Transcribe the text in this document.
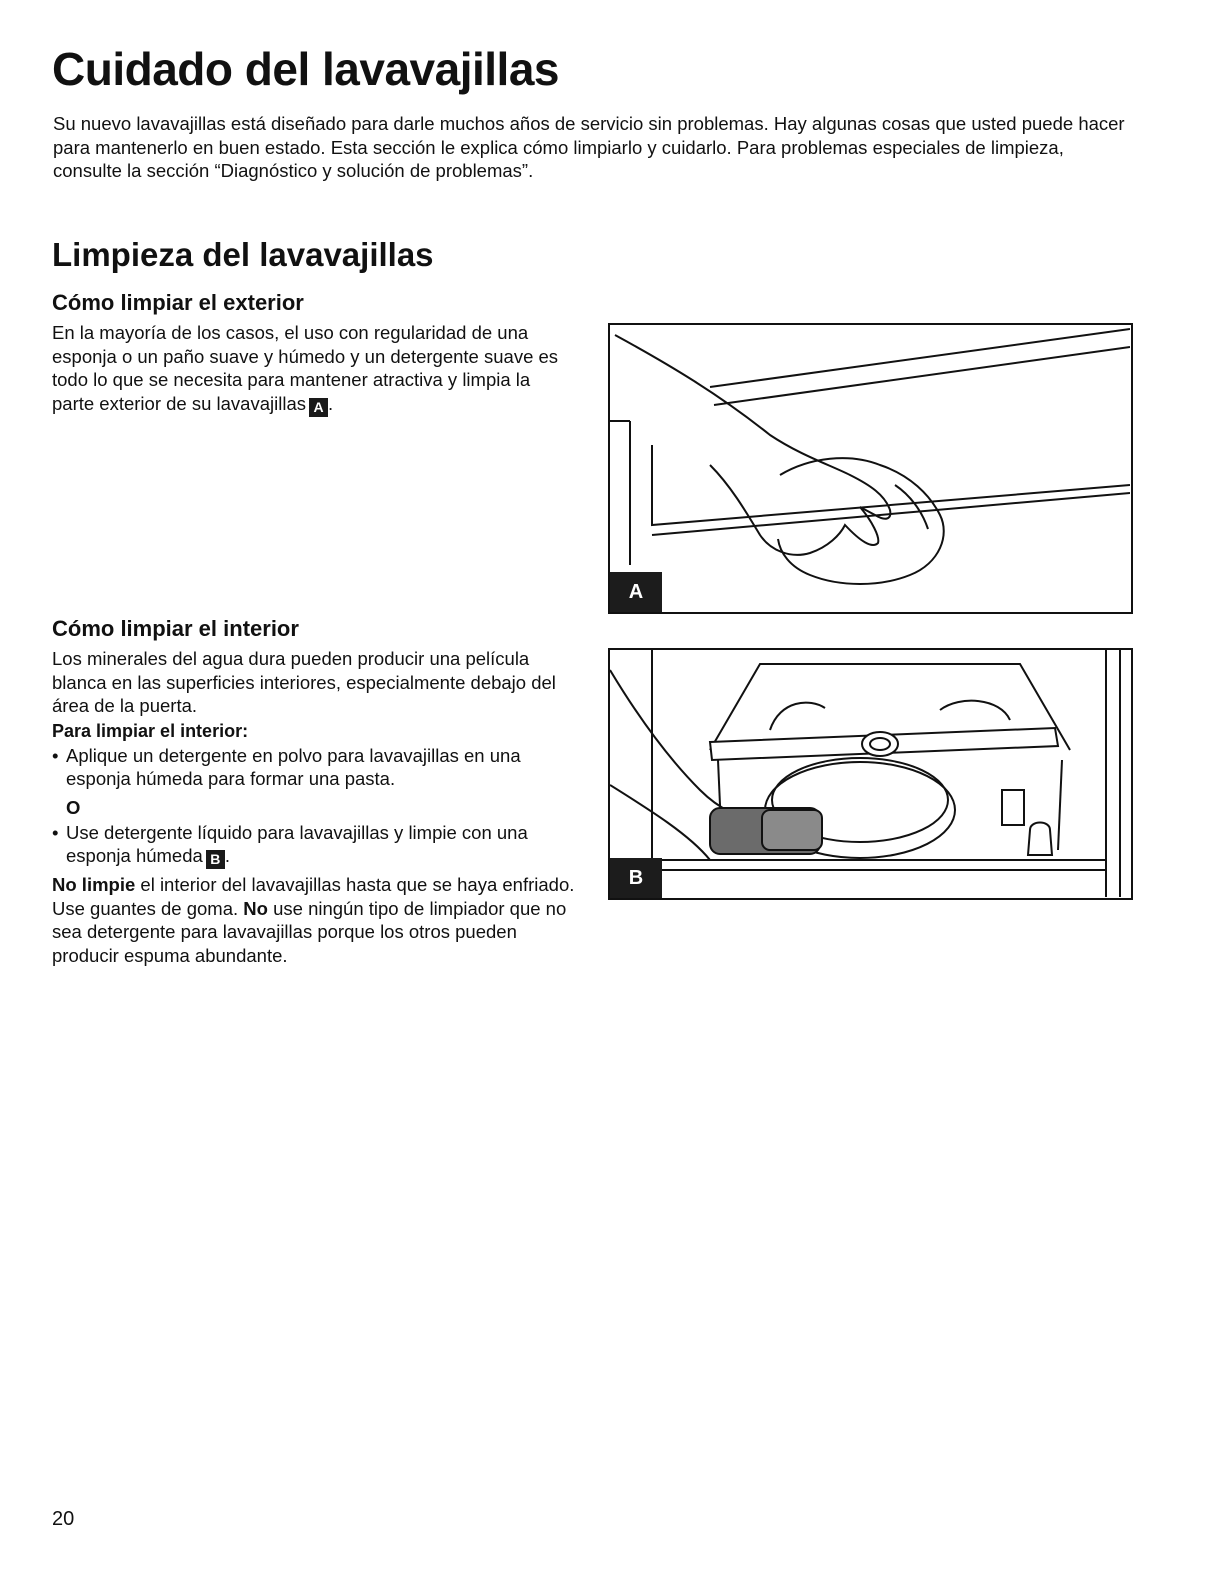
Cuidado del lavavajillas

Su nuevo lavavajillas está diseñado para darle muchos años de servicio sin problemas. Hay algunas cosas que usted puede hacer para mantenerlo en buen estado. Esta sección le explica cómo limpiarlo y cuidarlo. Para problemas especiales de limpieza, consulte la sección “Diagnóstico y solución de problemas”.

Limpieza del lavavajillas
Cómo limpiar el exterior

En la mayoría de los casos, el uso con regularidad de una esponja o un paño suave y húmedo y un detergente suave es todo lo que se necesita para mantener atractiva y limpia la parte exterior de su lavavajillas A .

Cómo limpiar el interior

Los minerales del agua dura pueden producir una película blanca en las superficies interiores, especialmente debajo del área de la puerta.

Para limpiar el interior:

• Aplique un detergente en polvo para lavavajillas en una esponja húmeda para formar una pasta.

O

• Use detergente líquido para lavavajillas y limpie con una esponja húmeda B .

No limpie el interior del lavavajillas hasta que se haya enfriado. Use guantes de goma. No use ningún tipo de limpiador que no sea detergente para lavavajillas porque los otros pueden producir espuma abundante.

A
B

20
